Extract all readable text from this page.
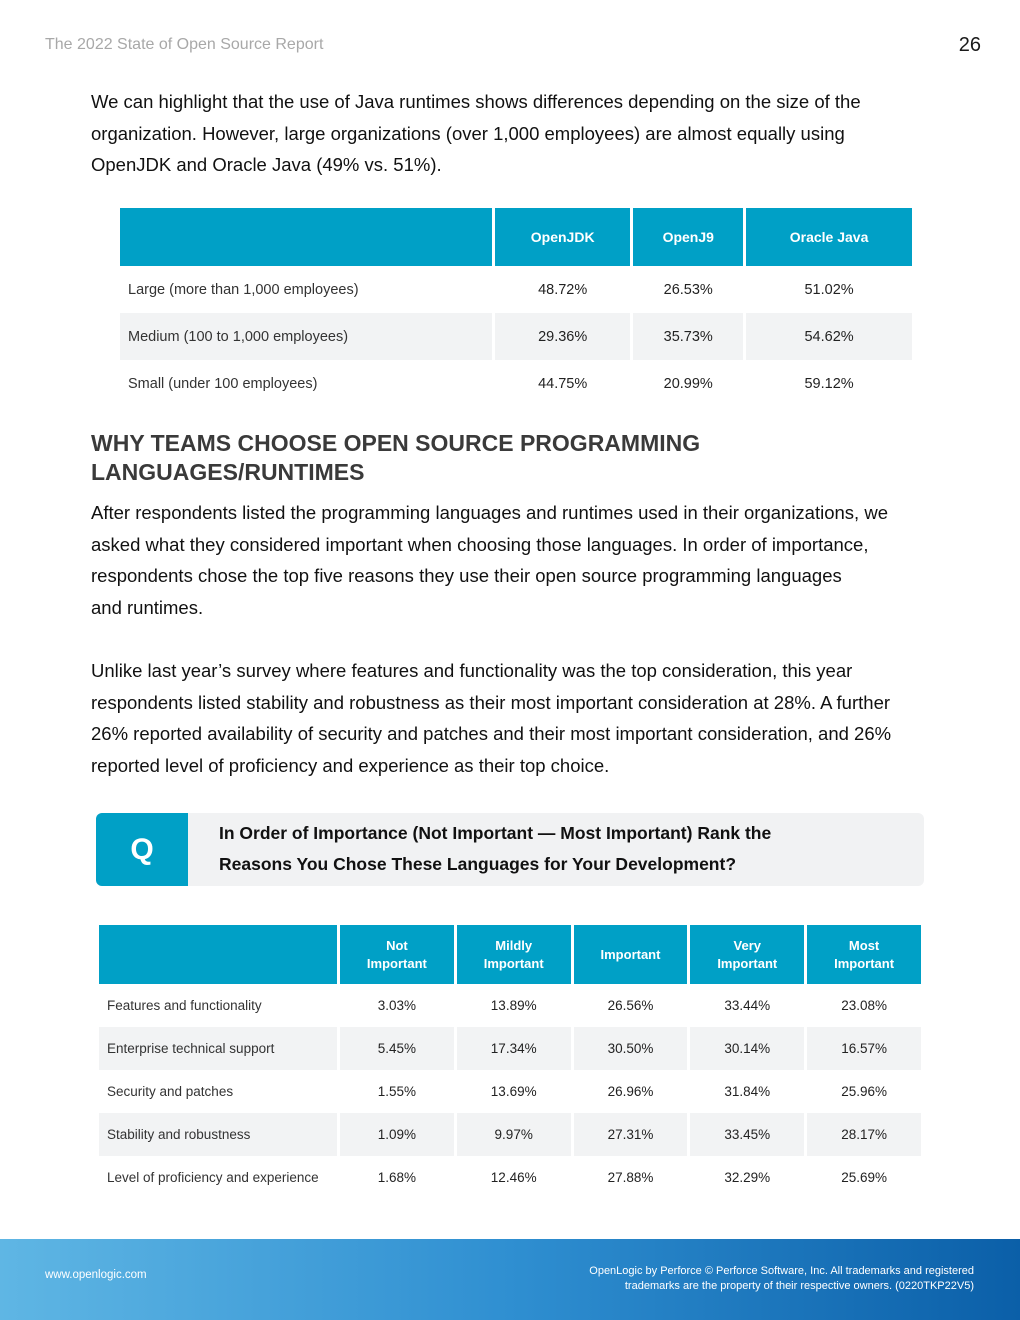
The 2022 State of Open Source Report	26
We can highlight that the use of Java runtimes shows differences depending on the size of the
organization. However, large organizations (over 1,000 employees) are almost equally using
OpenJDK and Oracle Java (49% vs. 51%).
	OpenJDK	OpenJ9	Oracle Java
Large (more than 1,000 employees)	48.72%	26.53%	51.02%
Medium (100 to 1,000 employees)	29.36%	35.73%	54.62%
Small (under 100 employees)	44.75%	20.99%	59.12%
WHY TEAMS CHOOSE OPEN SOURCE PROGRAMMING
LANGUAGES/RUNTIMES
After respondents listed the programming languages and runtimes used in their organizations, we
asked what they considered important when choosing those languages. In order of importance,
respondents chose the top five reasons they use their open source programming languages
and runtimes.
Unlike last year’s survey where features and functionality was the top consideration, this year
respondents listed stability and robustness as their most important consideration at 28%. A further
26% reported availability of security and patches and their most important consideration, and 26%
reported level of proficiency and experience as their top choice.
Q	In Order of Importance (Not Important — Most Important) Rank the
Reasons You Chose These Languages for Your Development?

	Not
Important	Mildly
Important	Important	Very
Important	Most
Important

Features and functionality	3.03%	13.89%	26.56%	33.44%	23.08%
Enterprise technical support	5.45%	17.34%	30.50%	30.14%	16.57%
Security and patches	1.55%	13.69%	26.96%	31.84%	25.96%
Stability and robustness	1.09%	9.97%	27.31%	33.45%	28.17%
Level of proficiency and experience	1.68%	12.46%	27.88%	32.29%	25.69%
www.openlogic.com	OpenLogic by Perforce © Perforce Software, Inc. All trademarks and registered
trademarks are the property of their respective owners. (0220TKP22V5)
